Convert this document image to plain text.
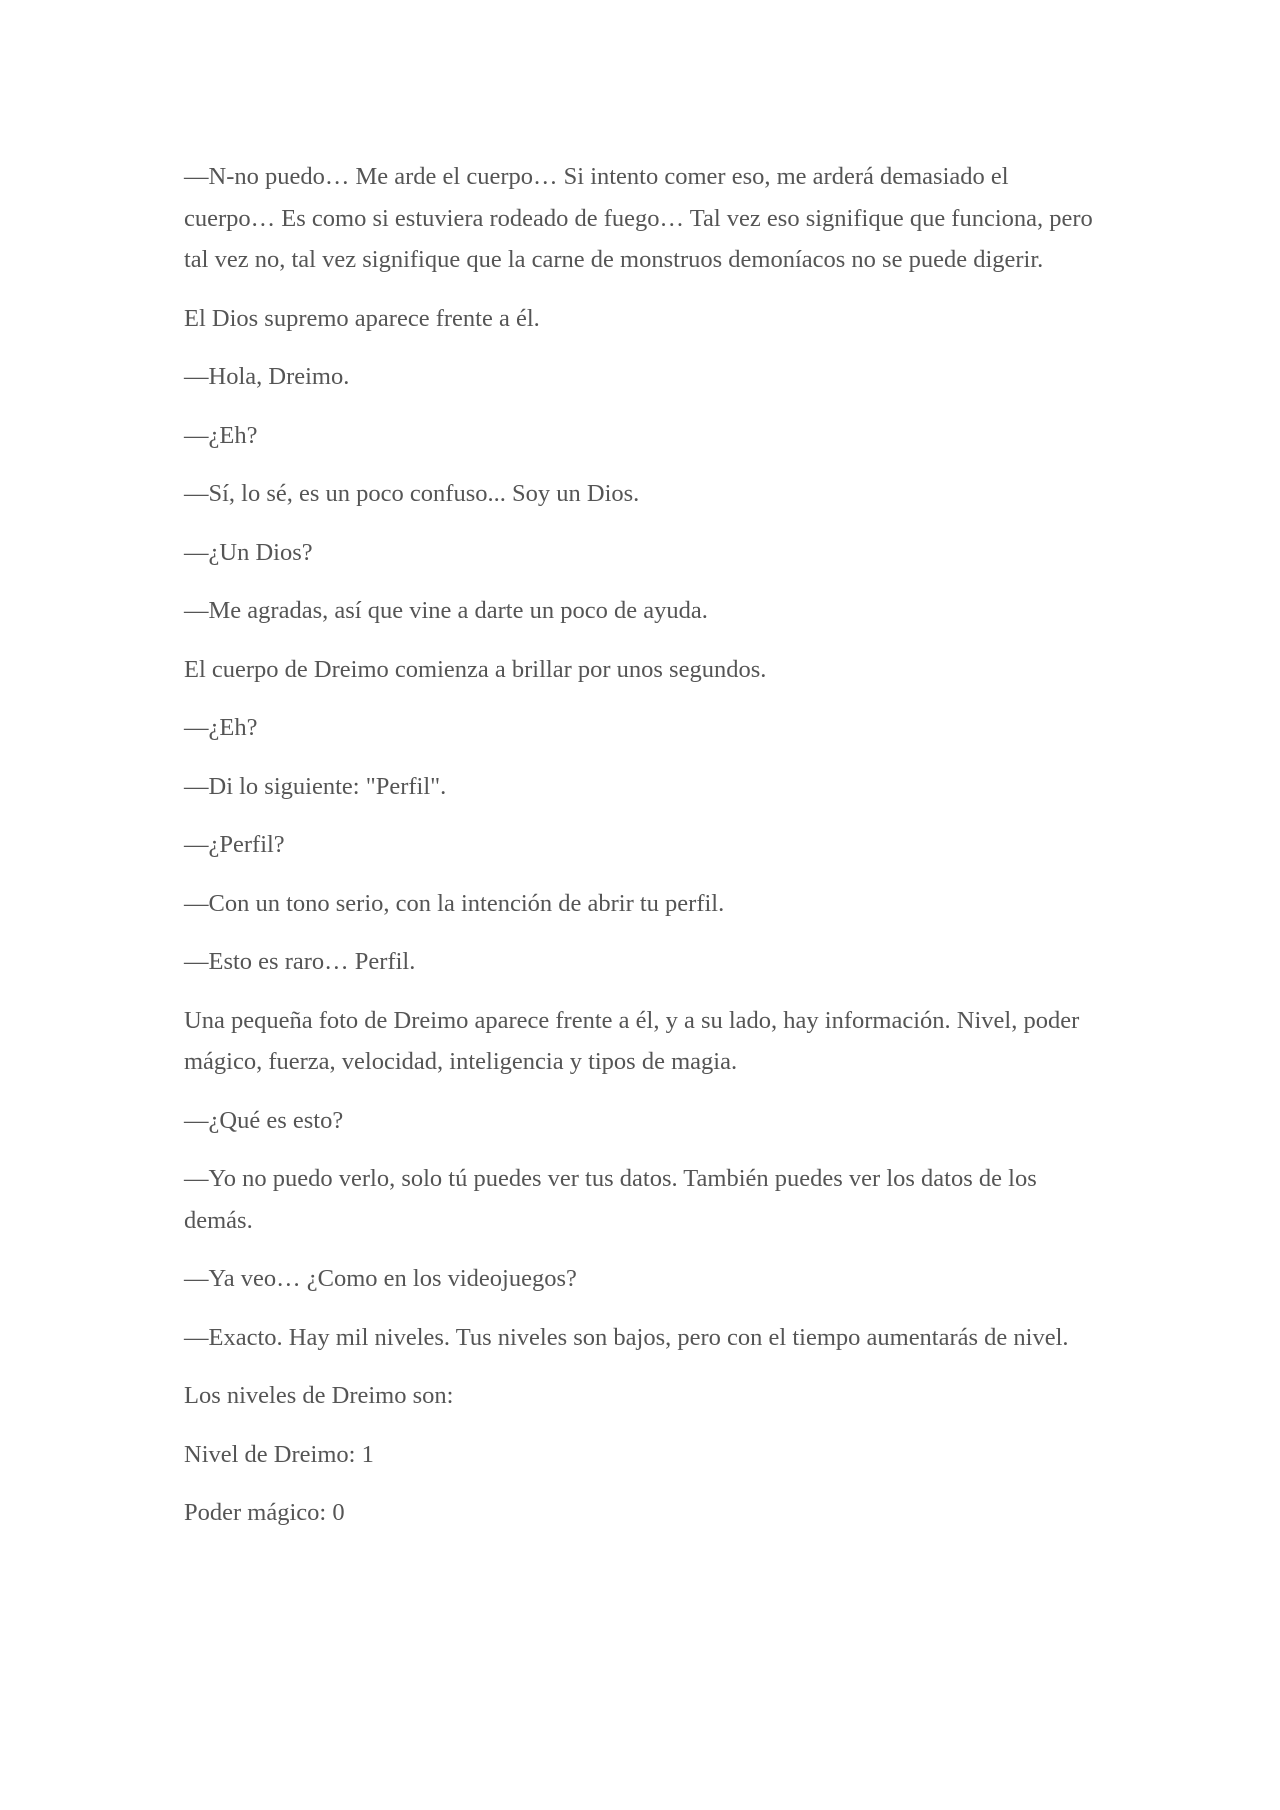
—N-no puedo… Me arde el cuerpo… Si intento comer eso, me arderá demasiado el cuerpo… Es como si estuviera rodeado de fuego… Tal vez eso signifique que funciona, pero tal vez no, tal vez signifique que la carne de monstruos demoníacos no se puede digerir.

El Dios supremo aparece frente a él.

—Hola, Dreimo.

—¿Eh?

—Sí, lo sé, es un poco confuso... Soy un Dios.

—¿Un Dios?

—Me agradas, así que vine a darte un poco de ayuda.

El cuerpo de Dreimo comienza a brillar por unos segundos.

—¿Eh?

—Di lo siguiente: "Perfil".

—¿Perfil?

—Con un tono serio, con la intención de abrir tu perfil.

—Esto es raro… Perfil.

Una pequeña foto de Dreimo aparece frente a él, y a su lado, hay información. Nivel, poder mágico, fuerza, velocidad, inteligencia y tipos de magia.

—¿Qué es esto?

—Yo no puedo verlo, solo tú puedes ver tus datos. También puedes ver los datos de los demás.

—Ya veo… ¿Como en los videojuegos?

—Exacto. Hay mil niveles. Tus niveles son bajos, pero con el tiempo aumentarás de nivel.

Los niveles de Dreimo son:

Nivel de Dreimo: 1

Poder mágico: 0
